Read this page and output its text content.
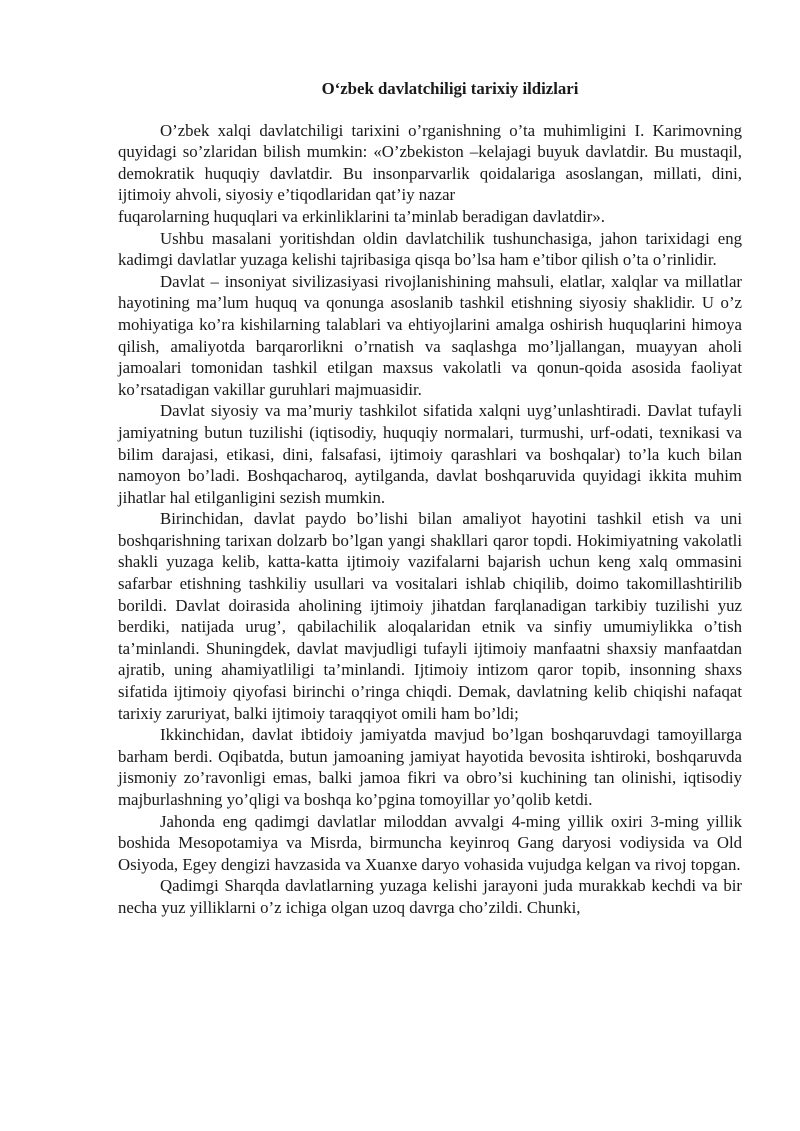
O‘zbek davlatchiligi tarixiy ildizlari

O’zbek xalqi davlatchiligi tarixini o’rganishning o’ta muhimligini I. Karimovning quyidagi so’zlaridan bilish mumkin: «O’zbekiston –kelajagi buyuk davlatdir. Bu mustaqil, demokratik huquqiy davlatdir. Bu insonparvarlik qoidalariga asoslangan, millati, dini, ijtimoiy ahvoli, siyosiy e’tiqodlaridan qat’iy nazar

fuqarolarning huquqlari va erkinliklarini ta’minlab beradigan davlatdir».

Ushbu masalani yoritishdan oldin davlatchilik tushunchasiga, jahon tarixidagi eng kadimgi davlatlar yuzaga kelishi tajribasiga qisqa bo’lsa ham e’tibor qilish o’ta o’rinlidir.

Davlat – insoniyat sivilizasiyasi rivojlanishining mahsuli, elatlar, xalqlar va millatlar hayotining ma’lum huquq va qonunga asoslanib tashkil etishning siyosiy shaklidir. U o’z mohiyatiga ko’ra kishilarning talablari va ehtiyojlarini amalga oshirish huquqlarini himoya qilish, amaliyotda barqarorlikni o’rnatish va saqlashga mo’ljallangan, muayyan aholi jamoalari tomonidan tashkil etilgan maxsus vakolatli va qonun-qoida asosida faoliyat ko’rsatadigan vakillar guruhlari majmuasidir.

Davlat siyosiy va ma’muriy tashkilot sifatida xalqni uyg’unlashtiradi. Davlat tufayli jamiyatning butun tuzilishi (iqtisodiy, huquqiy normalari, turmushi, urf-odati, texnikasi va bilim darajasi, etikasi, dini, falsafasi, ijtimoiy qarashlari va boshqalar) to’la kuch bilan namoyon bo’ladi. Boshqacharoq, aytilganda, davlat boshqaruvida quyidagi ikkita muhim jihatlar hal etilganligini sezish mumkin.

Birinchidan, davlat paydo bo’lishi bilan amaliyot hayotini tashkil etish va uni boshqarishning tarixan dolzarb bo’lgan yangi shakllari qaror topdi. Hokimiyatning vakolatli shakli yuzaga kelib, katta-katta ijtimoiy vazifalarni bajarish uchun keng xalq ommasini safarbar etishning tashkiliy usullari va vositalari ishlab chiqilib, doimo takomillashtirilib borildi. Davlat doirasida aholining ijtimoiy jihatdan farqlanadigan tarkibiy tuzilishi yuz berdiki, natijada urug’, qabilachilik aloqalaridan etnik va sinfiy umumiylikka o’tish ta’minlandi. Shuningdek, davlat mavjudligi tufayli ijtimoiy manfaatni shaxsiy manfaatdan ajratib, uning ahamiyatliligi ta’minlandi. Ijtimoiy intizom qaror topib, insonning shaxs sifatida ijtimoiy qiyofasi birinchi o’ringa chiqdi. Demak, davlatning kelib chiqishi nafaqat tarixiy zaruriyat, balki ijtimoiy taraqqiyot omili ham bo’ldi;

Ikkinchidan, davlat ibtidoiy jamiyatda mavjud bo’lgan boshqaruvdagi tamoyillarga barham berdi. Oqibatda, butun jamoaning jamiyat hayotida bevosita ishtiroki, boshqaruvda jismoniy zo’ravonligi emas, balki jamoa fikri va obro’si kuchining tan olinishi, iqtisodiy majburlashning yo’qligi va boshqa ko’pgina tomoyillar yo’qolib ketdi.

Jahonda eng qadimgi davlatlar miloddan avvalgi 4-ming yillik oxiri 3-ming yillik boshida Mesopotamiya va Misrda, birmuncha keyinroq Gang daryosi vodiysida va Old Osiyoda, Egey dengizi havzasida va Xuanxe daryo vohasida vujudga kelgan va rivoj topgan.

Qadimgi Sharqda davlatlarning yuzaga kelishi jarayoni juda murakkab kechdi va bir necha yuz yilliklarni o’z ichiga olgan uzoq davrga cho’zildi. Chunki,
